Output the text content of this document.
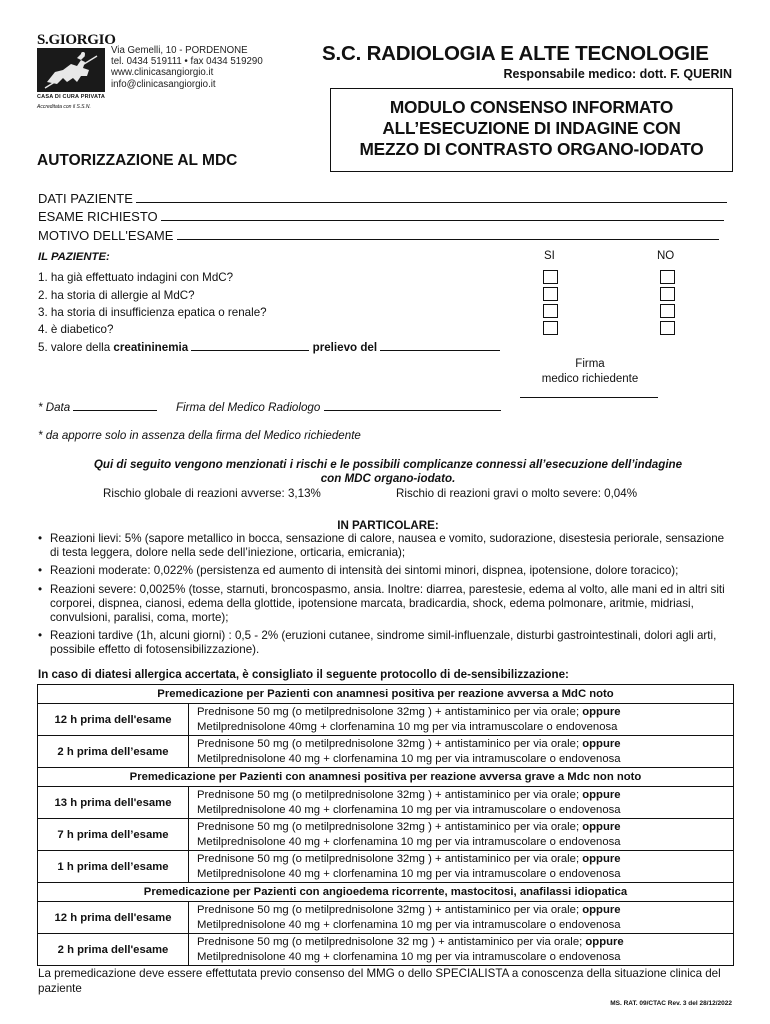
S.GIORGIO
CASA DI CURA PRIVATA
Accreditata con il S.S.N.
Via Gemelli, 10 - PORDENONE
tel. 0434 519111 • fax 0434 519290
www.clinicasangiorgio.it
info@clinicasangiorgio.it
S.C. RADIOLOGIA E ALTE TECNOLOGIE
Responsabile medico: dott. F. QUERIN
MODULO CONSENSO INFORMATO
ALL’ESECUZIONE DI INDAGINE CON
MEZZO DI CONTRASTO ORGANO-IODATO
AUTORIZZAZIONE AL MDC
DATI PAZIENTE
ESAME RICHIESTO
MOTIVO DELL'ESAME
IL PAZIENTE:	SI	NO
1. ha già effettuato indagini con MdC?
2. ha storia di allergie al MdC?
3. ha storia di insufficienza epatica o renale?
4. è diabetico?
5. valore della creatininemia	prelievo del
Firma
medico richiedente
* Data	Firma del Medico Radiologo
* da apporre solo in assenza della firma del Medico richiedente
Qui di seguito vengono menzionati i rischi e le possibili complicanze connessi all’esecuzione dell’indagine
con MDC organo-iodato.
Rischio globale di reazioni avverse: 3,13%	Rischio di reazioni gravi o molto severe: 0,04%
IN PARTICOLARE:
• Reazioni lievi: 5% (sapore metallico in bocca, sensazione di calore, nausea e vomito, sudorazione, disestesia periorale, sensazione di testa leggera, dolore nella sede dell’iniezione, orticaria, emicrania);
• Reazioni moderate: 0,022% (persistenza ed aumento di intensità dei sintomi minori, dispnea, ipotensione, dolore toracico);
• Reazioni severe: 0,0025% (tosse, starnuti, broncospasmo, ansia. Inoltre: diarrea, parestesie, edema al volto, alle mani ed in altri siti corporei, dispnea, cianosi, edema della glottide, ipotensione marcata, bradicardia, shock, edema polmonare, aritmie, midriasi, convulsioni, paralisi, coma, morte);
• Reazioni tardive (1h, alcuni giorni) : 0,5 - 2% (eruzioni cutanee, sindrome simil-influenzale, disturbi gastrointestinali, dolori agli arti, possibile effetto di fotosensibilizzazione).
In caso di diatesi allergica accertata, è consigliato il seguente protocollo di de-sensibilizzazione:
Premedicazione per Pazienti con anamnesi positiva per reazione avversa a MdC noto	
12 h prima dell'esame	Prednisone 50 mg (o metilprednisolone 32mg ) + antistaminico per via orale; oppure
Metilprednisolone 40mg + clorfenamina 10 mg per via intramuscolare o endovenosa
2 h prima dell’esame	Prednisone 50 mg (o metilprednisolone 32mg ) + antistaminico per via orale; oppure
Metilprednisolone 40 mg + clorfenamina 10 mg per via intramuscolare o endovenosa
Premedicazione per Pazienti con anamnesi positiva per reazione avversa grave a Mdc non noto	
13 h prima dell'esame	Prednisone 50 mg (o metilprednisolone 32mg ) + antistaminico per via orale; oppure
Metilprednisolone 40 mg + clorfenamina 10 mg per via intramuscolare o endovenosa
7 h prima dell’esame	Prednisone 50 mg (o metilprednisolone 32mg ) + antistaminico per via orale; oppure
Metilprednisolone 40 mg + clorfenamina 10 mg per via intramuscolare o endovenosa
1 h prima dell’esame	Prednisone 50 mg (o metilprednisolone 32mg ) + antistaminico per via orale; oppure
Metilprednisolone 40 mg + clorfenamina 10 mg per via intramuscolare o endovenosa
Premedicazione per Pazienti con angioedema ricorrente, mastocitosi, anafilassi idiopatica	
12 h prima dell'esame	Prednisone 50 mg (o metilprednisolone 32mg ) + antistaminico per via orale; oppure
Metilprednisolone 40 mg + clorfenamina 10 mg per via intramuscolare o endovenosa
2 h prima dell'esame	Prednisone 50 mg (o metilprednisolone 32 mg ) + antistaminico per via orale; oppure
Metilprednisolone 40 mg + clorfenamina 10 mg per via intramuscolare o endovenosa
La premedicazione deve essere effettutata previo consenso del MMG o dello SPECIALISTA a conoscenza della situazione clinica del paziente
MS. RAT. 09/CTAC Rev. 3 del 28/12/2022
